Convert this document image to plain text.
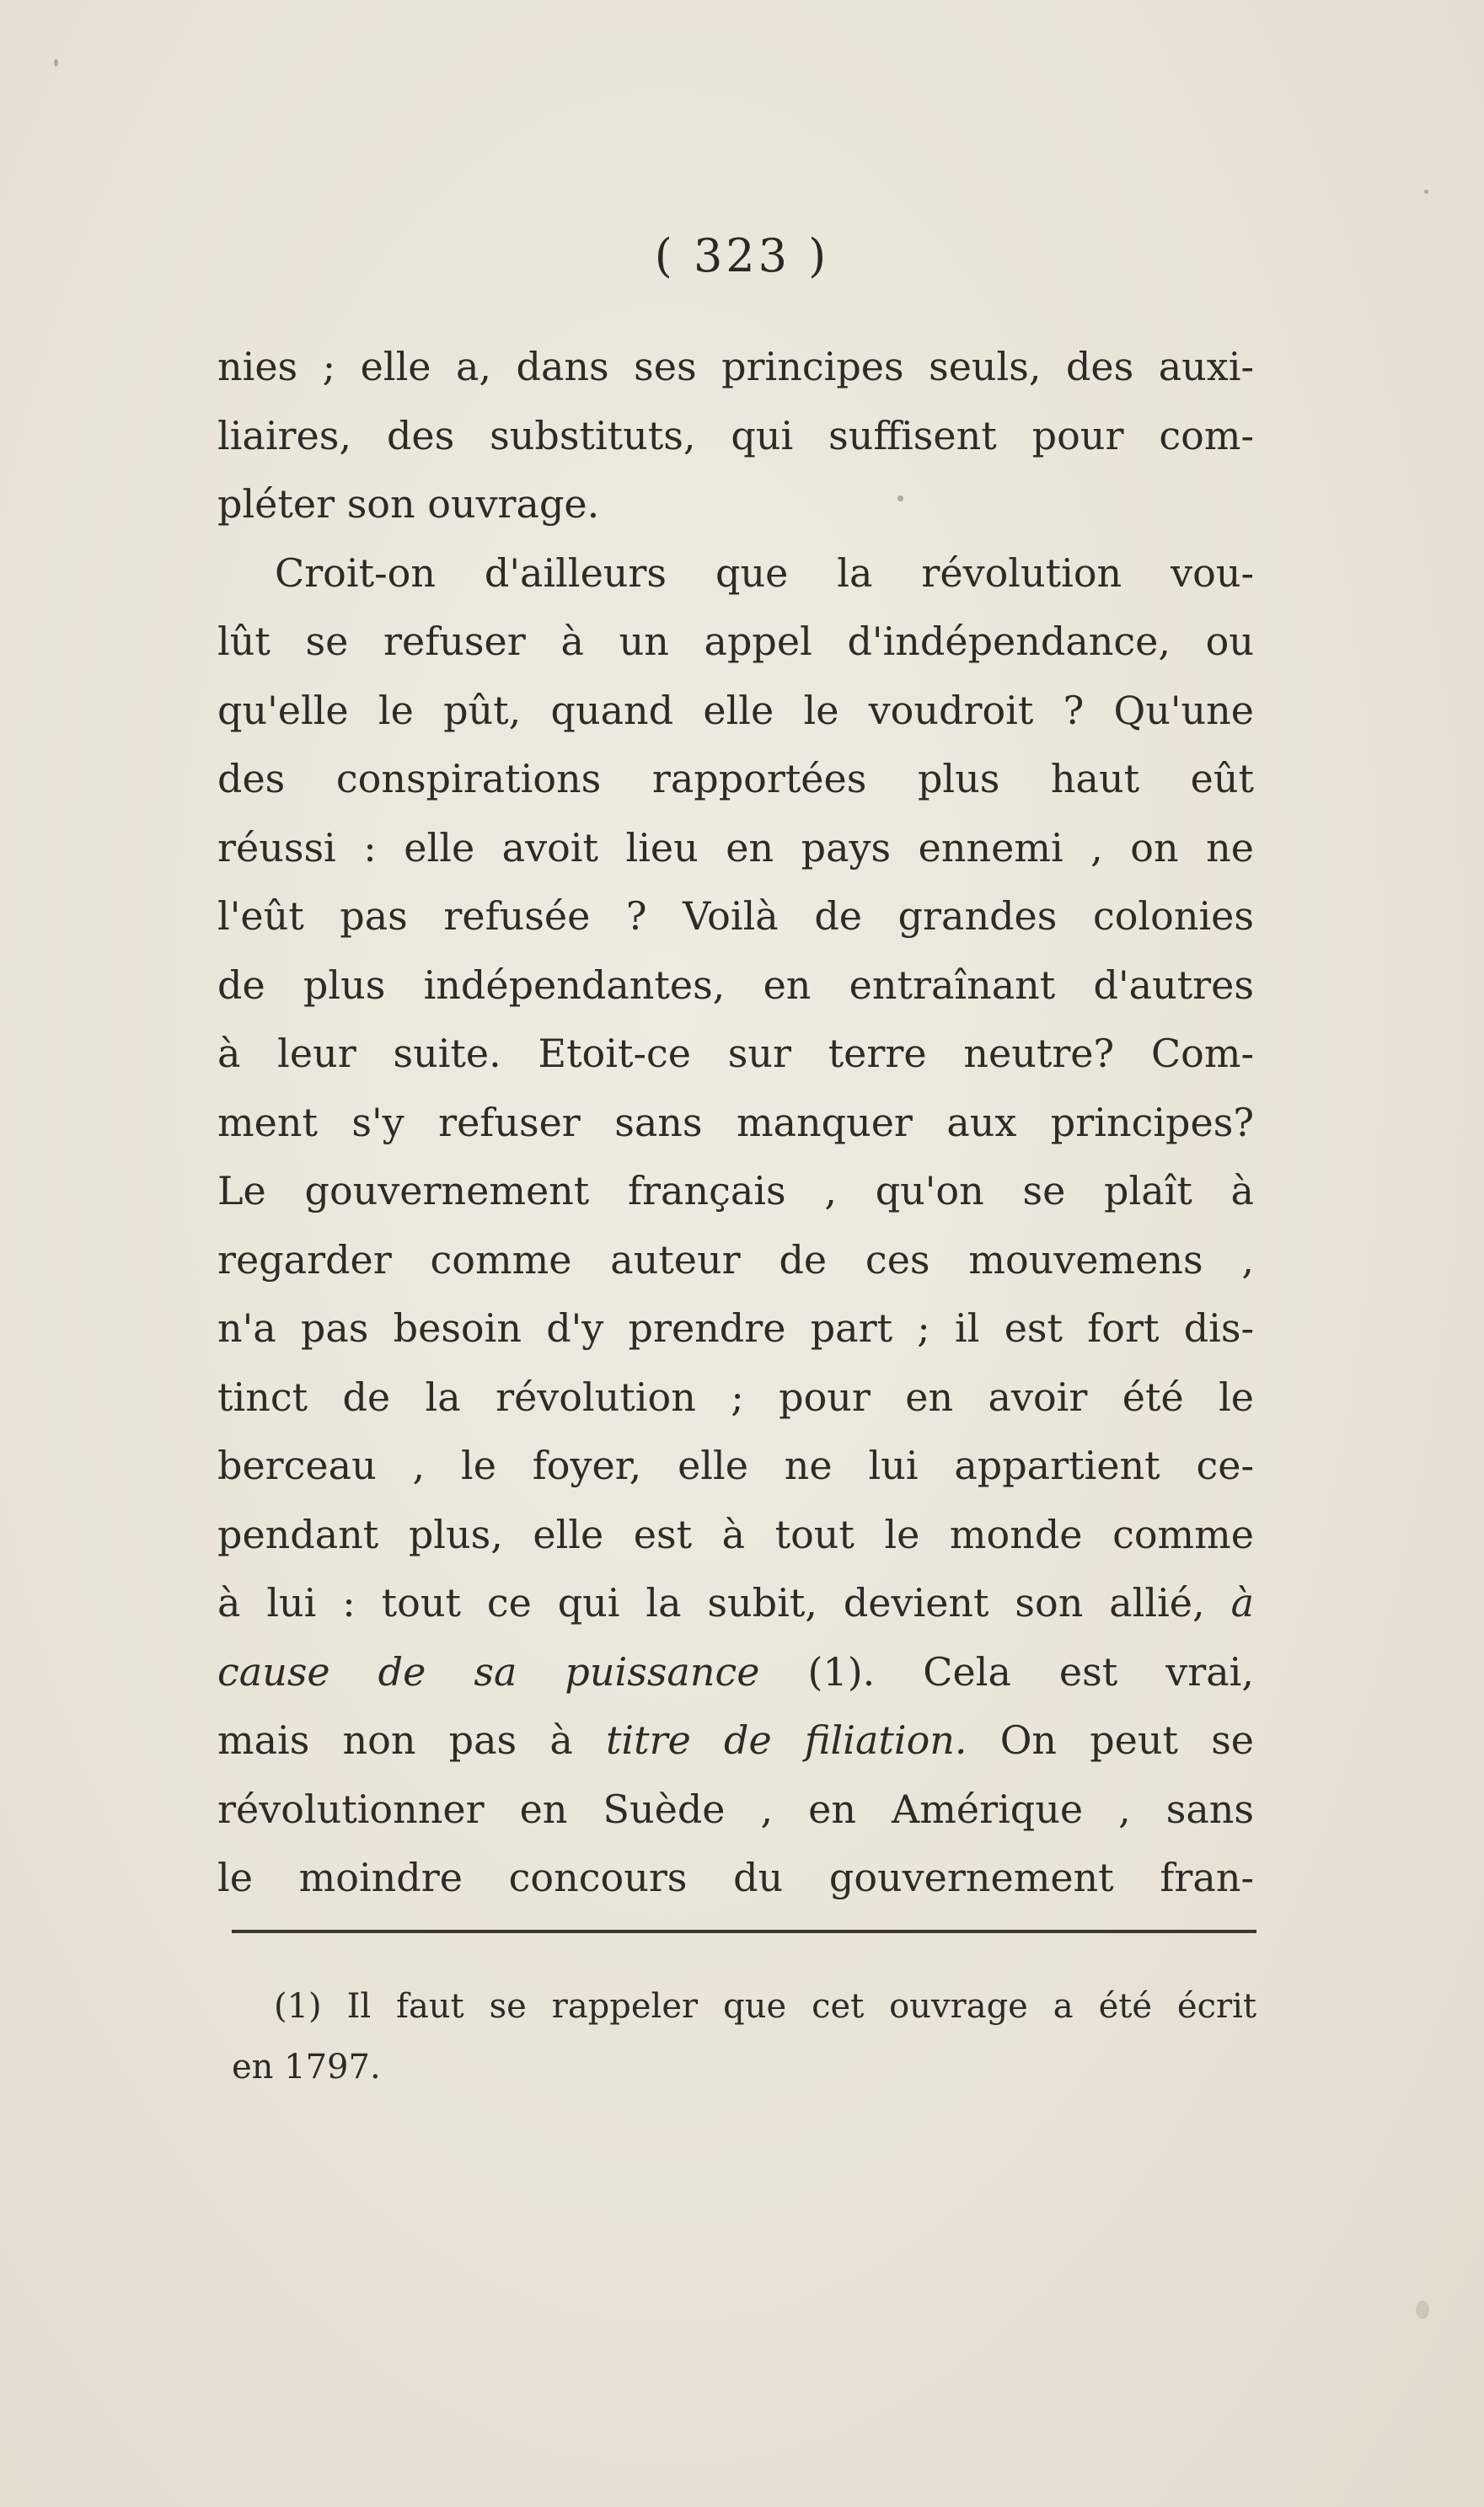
( 323 )
nies ; elle a, dans ses principes seuls, des auxi-
liaires, des substituts, qui suffisent pour com-
pléter son ouvrage.
Croit-on d'ailleurs que la révolution vou-
lût se refuser à un appel d'indépendance, ou
qu'elle le pût, quand elle le voudroit ? Qu'une
des conspirations rapportées plus haut eût
réussi : elle avoit lieu en pays ennemi , on ne
l'eût pas refusée ? Voilà de grandes colonies
de plus indépendantes, en entraînant d'autres
à leur suite. Etoit-ce sur terre neutre? Com-
ment s'y refuser sans manquer aux principes?
Le gouvernement français , qu'on se plaît à
regarder comme auteur de ces mouvemens ,
n'a pas besoin d'y prendre part ; il est fort dis-
tinct de la révolution ; pour en avoir été le
berceau , le foyer, elle ne lui appartient ce-
pendant plus, elle est à tout le monde comme
à lui : tout ce qui la subit, devient son allié, à
cause de sa puissance (1). Cela est vrai,
mais non pas à titre de filiation. On peut se
révolutionner en Suède , en Amérique , sans
le moindre concours du gouvernement fran-
(1) Il faut se rappeler que cet ouvrage a été écrit
en 1797.
